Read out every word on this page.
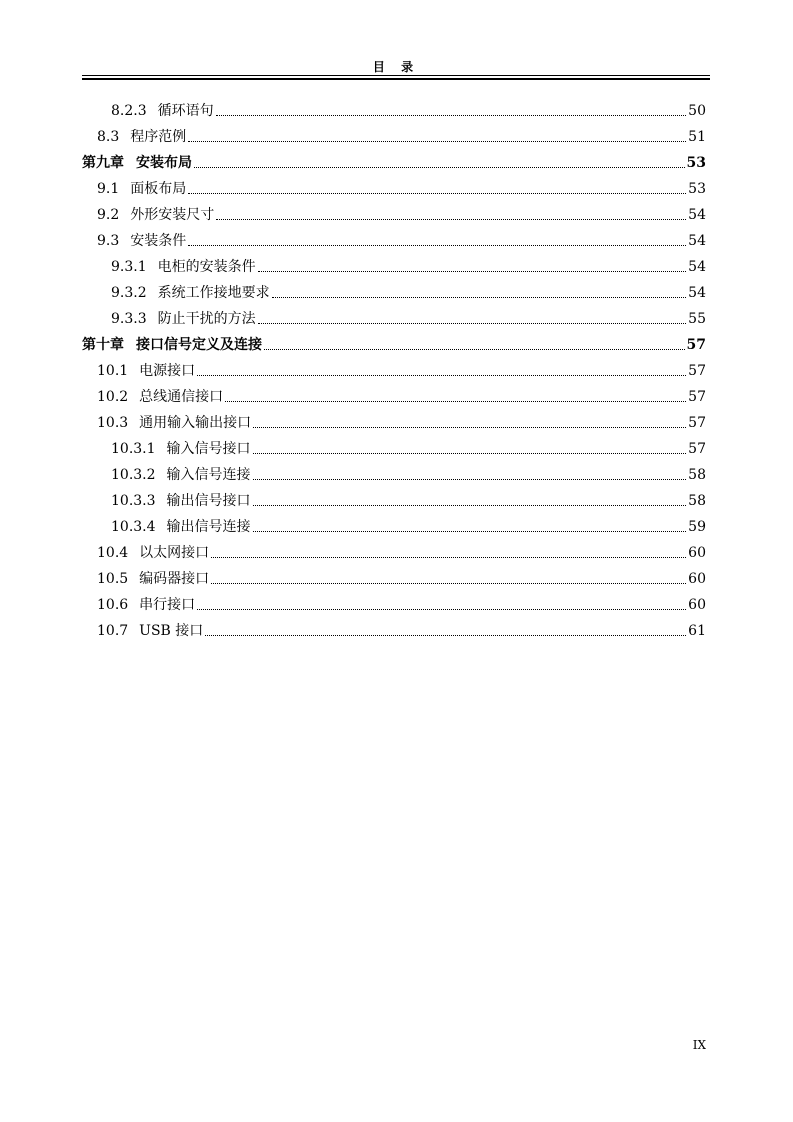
目 录
8.2.3 循环语句	50
8.3 程序范例	51
第九章 安装布局	53
9.1 面板布局	53
9.2 外形安装尺寸	54
9.3 安装条件	54
9.3.1 电柜的安装条件	54
9.3.2 系统工作接地要求	54
9.3.3 防止干扰的方法	55
第十章 接口信号定义及连接	57
10.1 电源接口	57
10.2 总线通信接口	57
10.3 通用输入输出接口	57
10.3.1 输入信号接口	57
10.3.2 输入信号连接	58
10.3.3 输出信号接口	58
10.3.4 输出信号连接	59
10.4 以太网接口	60
10.5 编码器接口	60
10.6 串行接口	60
10.7 USB 接口	61
IX
